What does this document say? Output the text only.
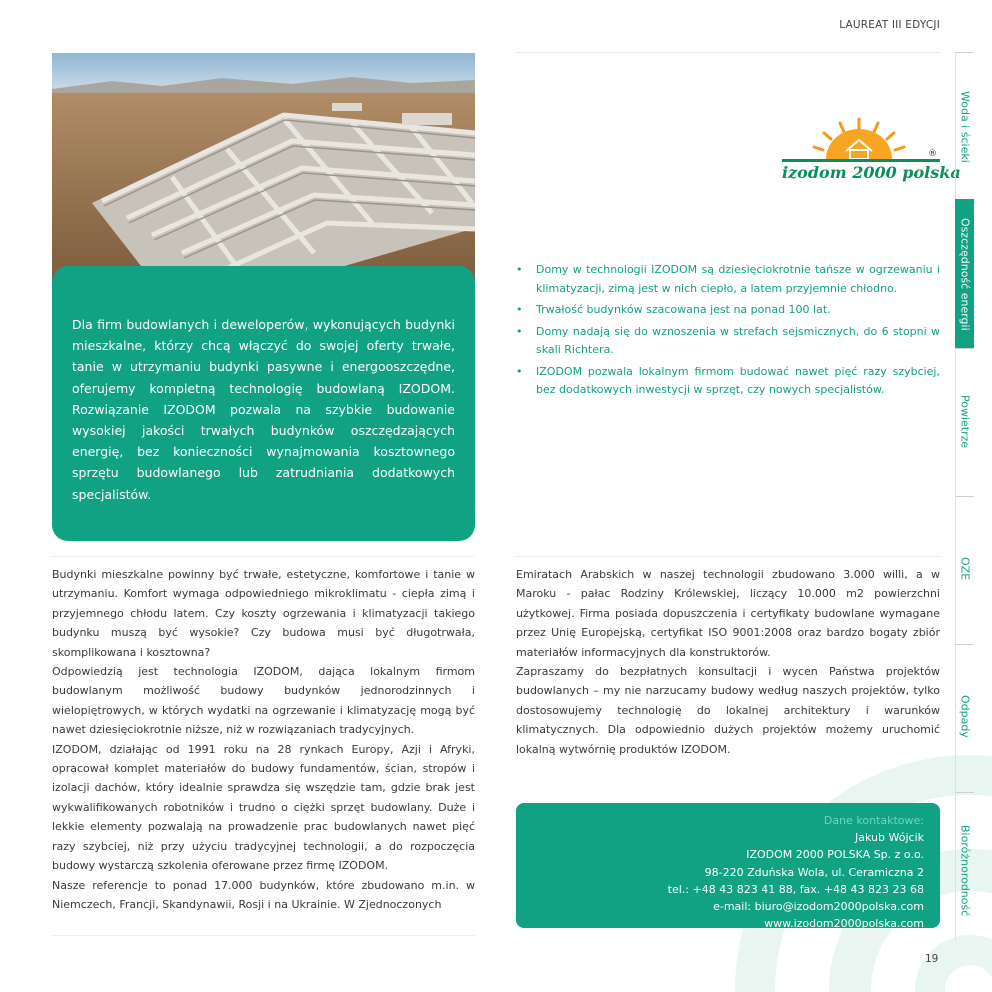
LAUREAT III EDYCJI

Dla firm budowlanych i deweloperów, wykonujących budynki mieszkalne, którzy chcą włączyć do swojej oferty trwałe, tanie w utrzymaniu budynki pasywne i energooszczędne, oferujemy kompletną technologię budowlaną IZODOM. Rozwiązanie IZODOM pozwala na szybkie budowanie wysokiej jakości trwałych budynków oszczędzających energię, bez konieczności wynajmowania kosztownego sprzętu budowlanego lub zatrudniania dodatkowych specjalistów.

izodom 2000 polska
®
• Domy w technologii IZODOM są dziesięciokrotnie tańsze w ogrzewaniu i klimatyzacji, zimą jest w nich ciepło, a latem przyjemnie chłodno.
• Trwałość budynków szacowana jest na ponad 100 lat.
• Domy nadają się do wznoszenia w strefach sejsmicznych, do 6 stopni w skali Richtera.
• IZODOM pozwala lokalnym firmom budować nawet pięć razy szybciej, bez dodatkowych inwestycji w sprzęt, czy nowych specjalistów.

Budynki mieszkalne powinny być trwałe, estetyczne, komfortowe i tanie w utrzymaniu. Komfort wymaga odpowiedniego mikroklimatu - ciepła zimą i przyjemnego chłodu latem. Czy koszty ogrzewania i klimatyzacji takiego budynku muszą być wysokie? Czy budowa musi być długotrwała, skomplikowana i kosztowna?

Odpowiedzią jest technologia IZODOM, dająca lokalnym firmom budowlanym możliwość budowy budynków jednorodzinnych i wielopiętrowych, w których wydatki na ogrzewanie i klimatyzację mogą być nawet dziesięciokrotnie niższe, niż w rozwiązaniach tradycyjnych.

IZODOM, działając od 1991 roku na 28 rynkach Europy, Azji i Afryki, opracował komplet materiałów do budowy fundamentów, ścian, stropów i izolacji dachów, który idealnie sprawdza się wszędzie tam, gdzie brak jest wykwalifikowanych robotników i trudno o ciężki sprzęt budowlany. Duże i lekkie elementy pozwalają na prowadzenie prac budowlanych nawet pięć razy szybciej, niż przy użyciu tradycyjnej technologii, a do rozpoczęcia budowy wystarczą szkolenia oferowane przez firmę IZODOM.

Nasze referencje to ponad 17.000 budynków, które zbudowano m.in. w Niemczech, Francji, Skandynawii, Rosji i na Ukrainie. W Zjednoczonych

Emiratach Arabskich w naszej technologii zbudowano 3.000 willi, a w Maroku - pałac Rodziny Królewskiej, liczący 10.000 m2 powierzchni użytkowej. Firma posiada dopuszczenia i certyfikaty budowlane wymagane przez Unię Europejską, certyfikat ISO 9001:2008 oraz bardzo bogaty zbiór materiałów informacyjnych dla konstruktorów.

Zapraszamy do bezpłatnych konsultacji i wycen Państwa projektów budowlanych – my nie narzucamy budowy według naszych projektów, tylko dostosowujemy technologię do lokalnej architektury i warunków klimatycznych. Dla odpowiednio dużych projektów możemy uruchomić lokalną wytwórnię produktów IZODOM.

Dane kontaktowe:
Jakub Wójcik
IZODOM 2000 POLSKA Sp. z o.o.
98-220 Zduńska Wola, ul. Ceramiczna 2
tel.: +48 43 823 41 88, fax. +48 43 823 23 68
e-mail: biuro@izodom2000polska.com
www.izodom2000polska.com
19
Woda i ścieki
Oszczędność energii
Powietrze
OZE
Odpady
Bioróżnorodność
